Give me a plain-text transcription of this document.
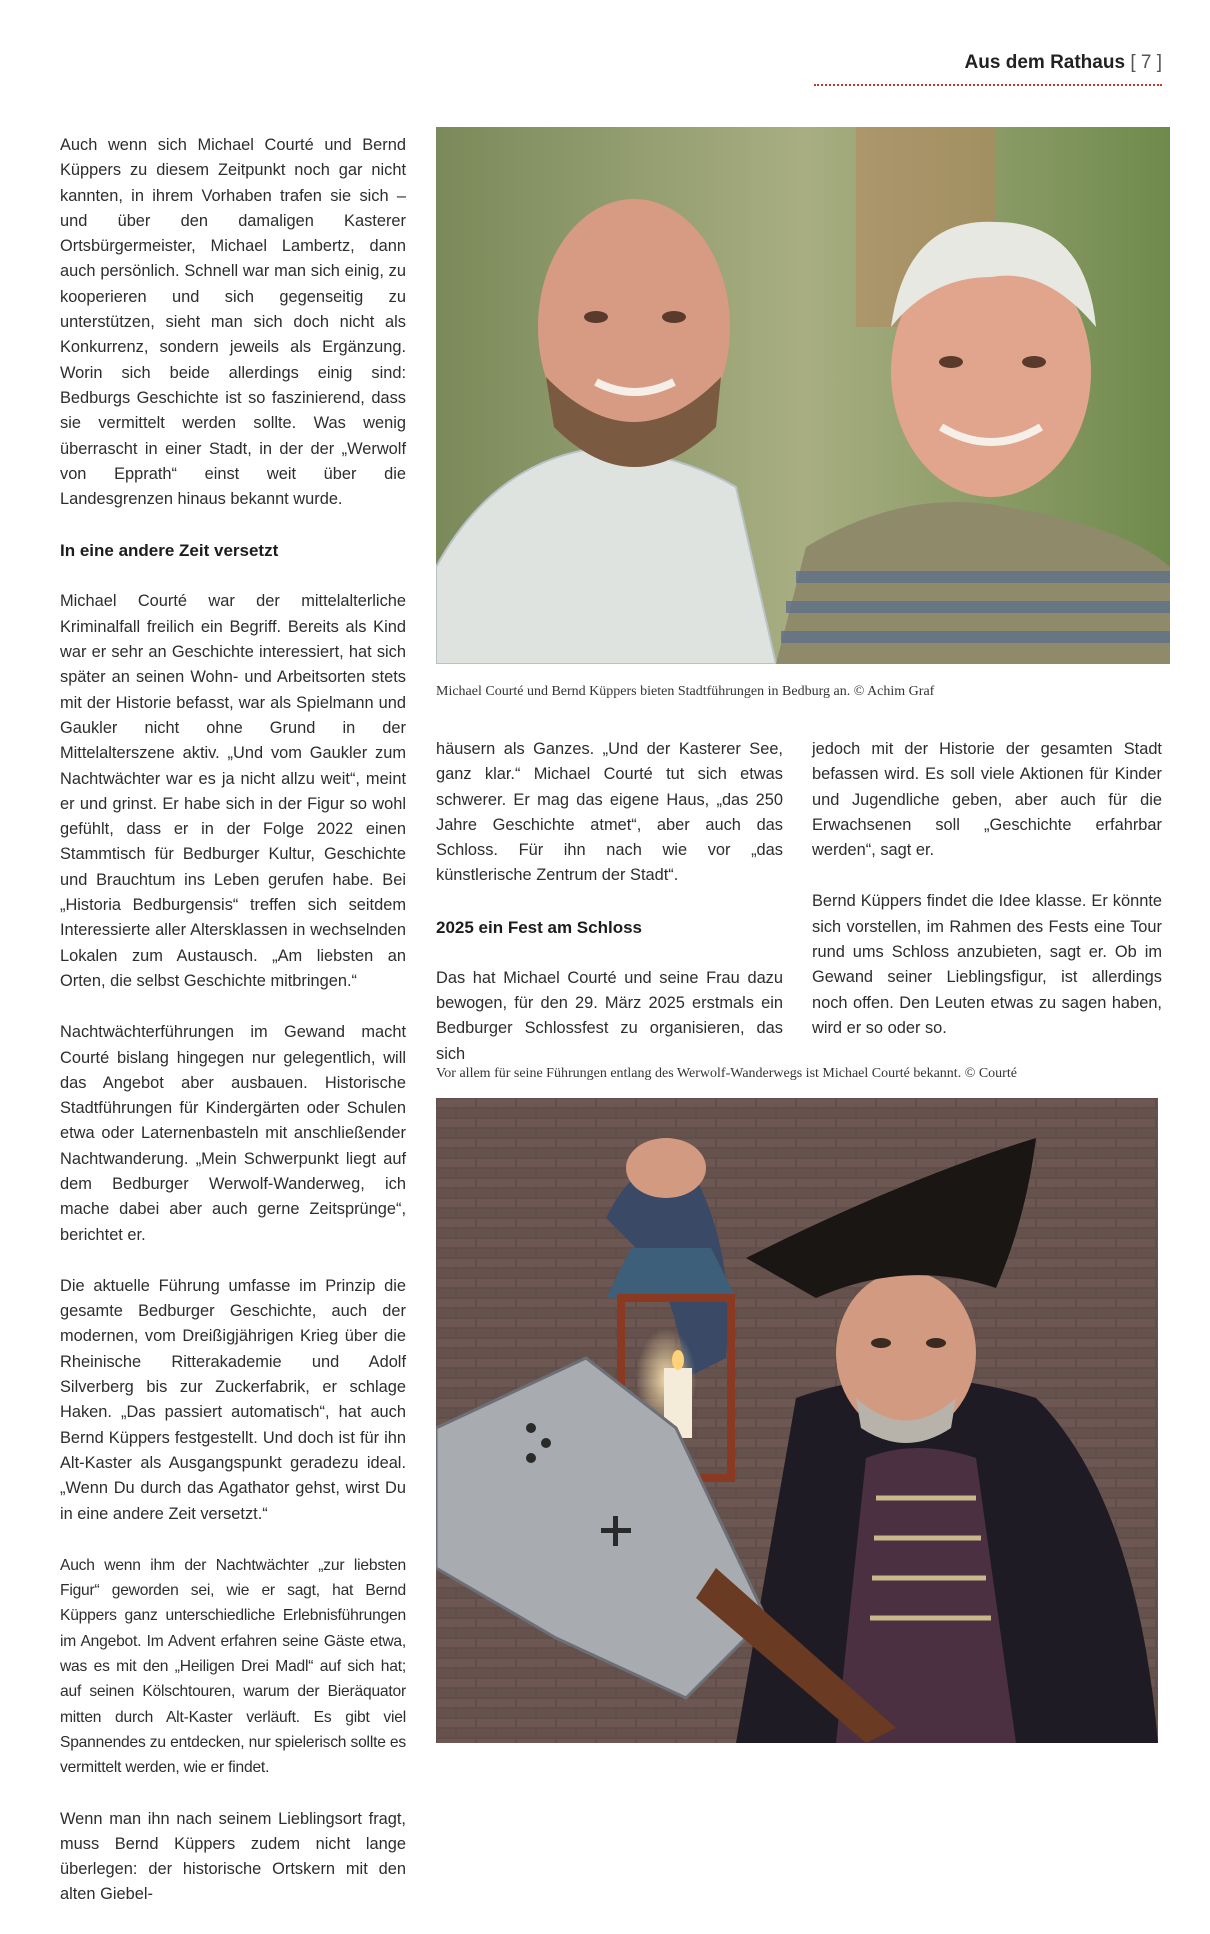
Aus dem Rathaus [ 7 ]

Auch wenn sich Michael Courté und Bernd Küppers zu diesem Zeitpunkt noch gar nicht kannten, in ihrem Vorhaben trafen sie sich – und über den damaligen Kasterer Ortsbürgermeister, Michael Lambertz, dann auch persönlich. Schnell war man sich einig, zu kooperieren und sich gegenseitig zu unterstützen, sieht man sich doch nicht als Konkurrenz, sondern jeweils als Ergänzung. Worin sich beide allerdings einig sind: Bedburgs Geschichte ist so faszinierend, dass sie vermittelt werden sollte. Was wenig überrascht in einer Stadt, in der der „Werwolf von Epprath“ einst weit über die Landesgrenzen hinaus bekannt wurde.

In eine andere Zeit versetzt

Michael Courté war der mittelalterliche Kriminalfall freilich ein Begriff. Bereits als Kind war er sehr an Geschichte interessiert, hat sich später an seinen Wohn- und Arbeitsorten stets mit der Historie befasst, war als Spielmann und Gaukler nicht ohne Grund in der Mittelalterszene aktiv. „Und vom Gaukler zum Nachtwächter war es ja nicht allzu weit“, meint er und grinst. Er habe sich in der Figur so wohl gefühlt, dass er in der Folge 2022 einen Stammtisch für Bedburger Kultur, Geschichte und Brauchtum ins Leben gerufen habe. Bei „Historia Bedburgensis“ treffen sich seitdem Interessierte aller Altersklassen in wechselnden Lokalen zum Austausch. „Am liebsten an Orten, die selbst Geschichte mitbringen.“

Nachtwächterführungen im Gewand macht Courté bislang hingegen nur gelegentlich, will das Angebot aber ausbauen. Historische Stadtführungen für Kindergärten oder Schulen etwa oder Laternenbasteln mit anschließender Nachtwanderung. „Mein Schwerpunkt liegt auf dem Bedburger Werwolf-Wanderweg, ich mache dabei aber auch gerne Zeitsprünge“, berichtet er.

Die aktuelle Führung umfasse im Prinzip die gesamte Bedburger Geschichte, auch der modernen, vom Dreißigjährigen Krieg über die Rheinische Ritterakademie und Adolf Silverberg bis zur Zuckerfabrik, er schlage Haken. „Das passiert automatisch“, hat auch Bernd Küppers festgestellt. Und doch ist für ihn Alt-Kaster als Ausgangspunkt geradezu ideal. „Wenn Du durch das Agathator gehst, wirst Du in eine andere Zeit versetzt.“

Auch wenn ihm der Nachtwächter „zur liebsten Figur“ geworden sei, wie er sagt, hat Bernd Küppers ganz unterschiedliche Erlebnisführungen im Angebot. Im Advent erfahren seine Gäste etwa, was es mit den „Heiligen Drei Madl“ auf sich hat; auf seinen Kölschtouren, warum der Bieräquator mitten durch Alt-Kaster verläuft. Es gibt viel Spannendes zu entdecken, nur spielerisch sollte es vermittelt werden, wie er findet.

Wenn man ihn nach seinem Lieblingsort fragt, muss Bernd Küppers zudem nicht lange überlegen: der historische Ortskern mit den alten Giebel-

Michael Courté und Bernd Küppers bieten Stadtführungen in Bedburg an. © Achim Graf

häusern als Ganzes. „Und der Kasterer See, ganz klar.“ Michael Courté tut sich etwas schwerer. Er mag das eigene Haus, „das 250 Jahre Geschichte atmet“, aber auch das Schloss. Für ihn nach wie vor „das künstlerische Zentrum der Stadt“.

2025 ein Fest am Schloss

Das hat Michael Courté und seine Frau dazu bewogen, für den 29. März 2025 erstmals ein Bedburger Schlossfest zu organisieren, das sich

jedoch mit der Historie der gesamten Stadt befassen wird. Es soll viele Aktionen für Kinder und Jugendliche geben, aber auch für die Erwachsenen soll „Geschichte erfahrbar werden“, sagt er.

Bernd Küppers findet die Idee klasse. Er könnte sich vorstellen, im Rahmen des Fests eine Tour rund ums Schloss anzubieten, sagt er. Ob im Gewand seiner Lieblingsfigur, ist allerdings noch offen. Den Leuten etwas zu sagen haben, wird er so oder so.

Vor allem für seine Führungen entlang des Werwolf-Wanderwegs ist Michael Courté bekannt. © Courté
